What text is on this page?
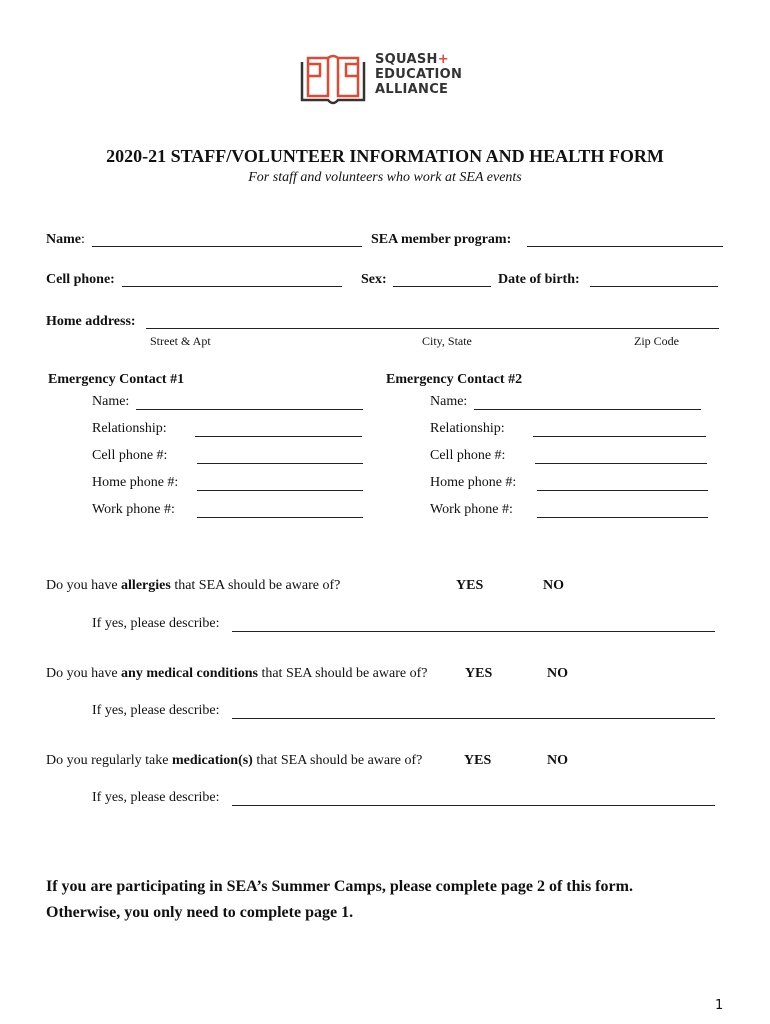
SQUASH+
EDUCATION
ALLIANCE
2020-21 STAFF/VOLUNTEER INFORMATION AND HEALTH FORM
For staff and volunteers who work at SEA events
Name:	SEA member program:
Cell phone:	Sex:	Date of birth:
Home address:
Street & Apt	City, State	Zip Code
Emergency Contact #1
Name:
Relationship:
Cell phone #:
Home phone #:
Work phone #:
Emergency Contact #2
Name:
Relationship:
Cell phone #:
Home phone #:
Work phone #:
Do you have allergies that SEA should be aware of?	YES	NO
If yes, please describe:
Do you have any medical conditions that SEA should be aware of?	YES	NO
If yes, please describe:
Do you regularly take medication(s) that SEA should be aware of?	YES	NO
If yes, please describe:
If you are participating in SEA’s Summer Camps, please complete page 2 of this form.
Otherwise, you only need to complete page 1.
1
